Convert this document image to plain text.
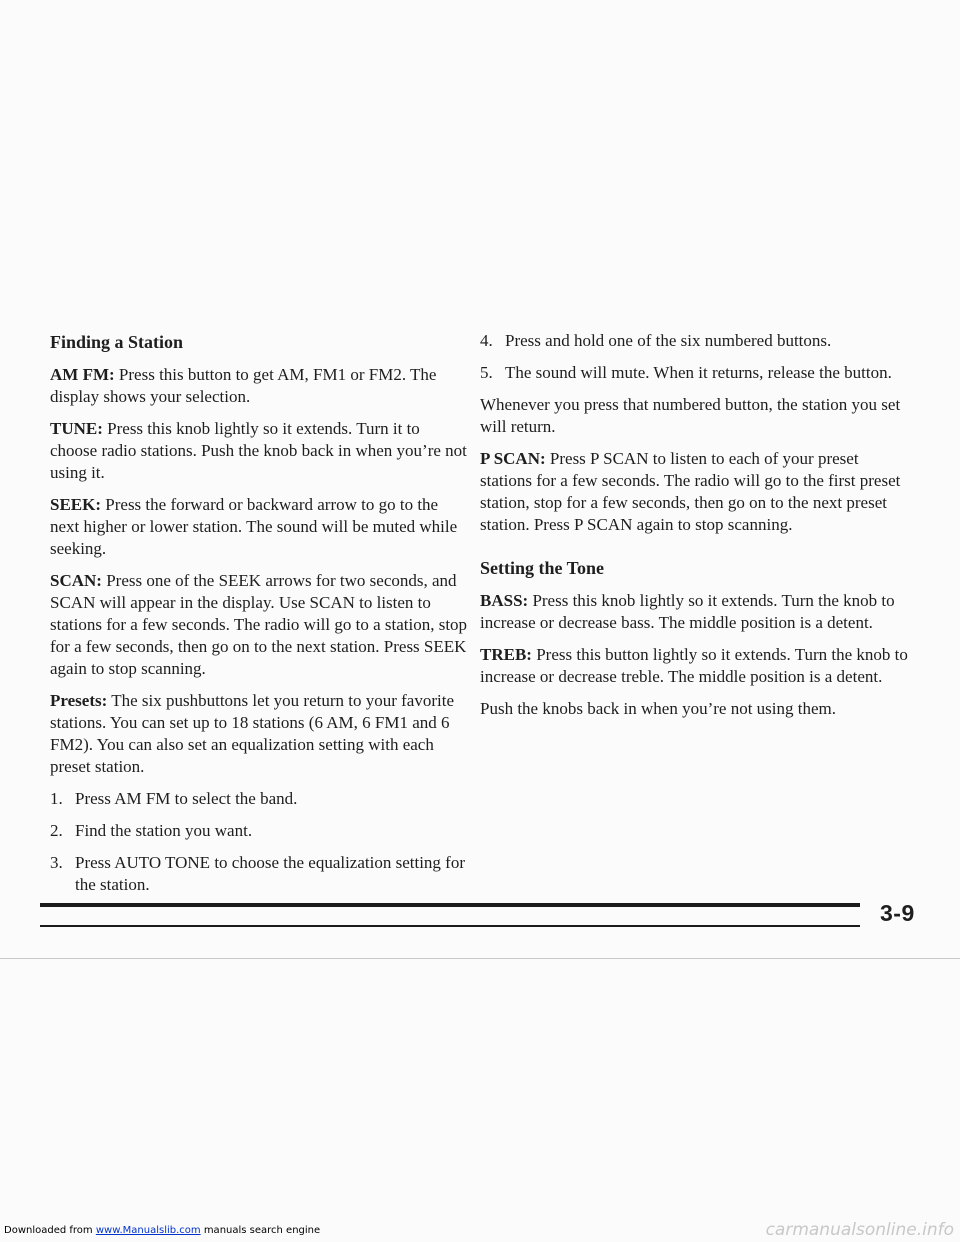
Finding a Station

AM FM: Press this button to get AM, FM1 or FM2. The display shows your selection.

TUNE: Press this knob lightly so it extends. Turn it to choose radio stations. Push the knob back in when you’re not using it.

SEEK: Press the forward or backward arrow to go to the next higher or lower station. The sound will be muted while seeking.

SCAN: Press one of the SEEK arrows for two seconds, and SCAN will appear in the display. Use SCAN to listen to stations for a few seconds. The radio will go to a station, stop for a few seconds, then go on to the next station. Press SEEK again to stop scanning.

Presets: The six pushbuttons let you return to your favorite stations. You can set up to 18 stations (6 AM, 6 FM1 and 6 FM2). You can also set an equalization setting with each preset station.

1. Press AM FM to select the band.
2. Find the station you want.
3. Press AUTO TONE to choose the equalization setting for the station.
4. Press and hold one of the six numbered buttons.
5. The sound will mute. When it returns, release the button.

Whenever you press that numbered button, the station you set will return.

P SCAN: Press P SCAN to listen to each of your preset stations for a few seconds. The radio will go to the first preset station, stop for a few seconds, then go on to the next preset station. Press P SCAN again to stop scanning.

Setting the Tone

BASS: Press this knob lightly so it extends. Turn the knob to increase or decrease bass. The middle position is a detent.

TREB: Press this button lightly so it extends. Turn the knob to increase or decrease treble. The middle position is a detent.

Push the knobs back in when you’re not using them.

3-9
Downloaded from www.Manualslib.com manuals search engine	carmanualsonline.info
